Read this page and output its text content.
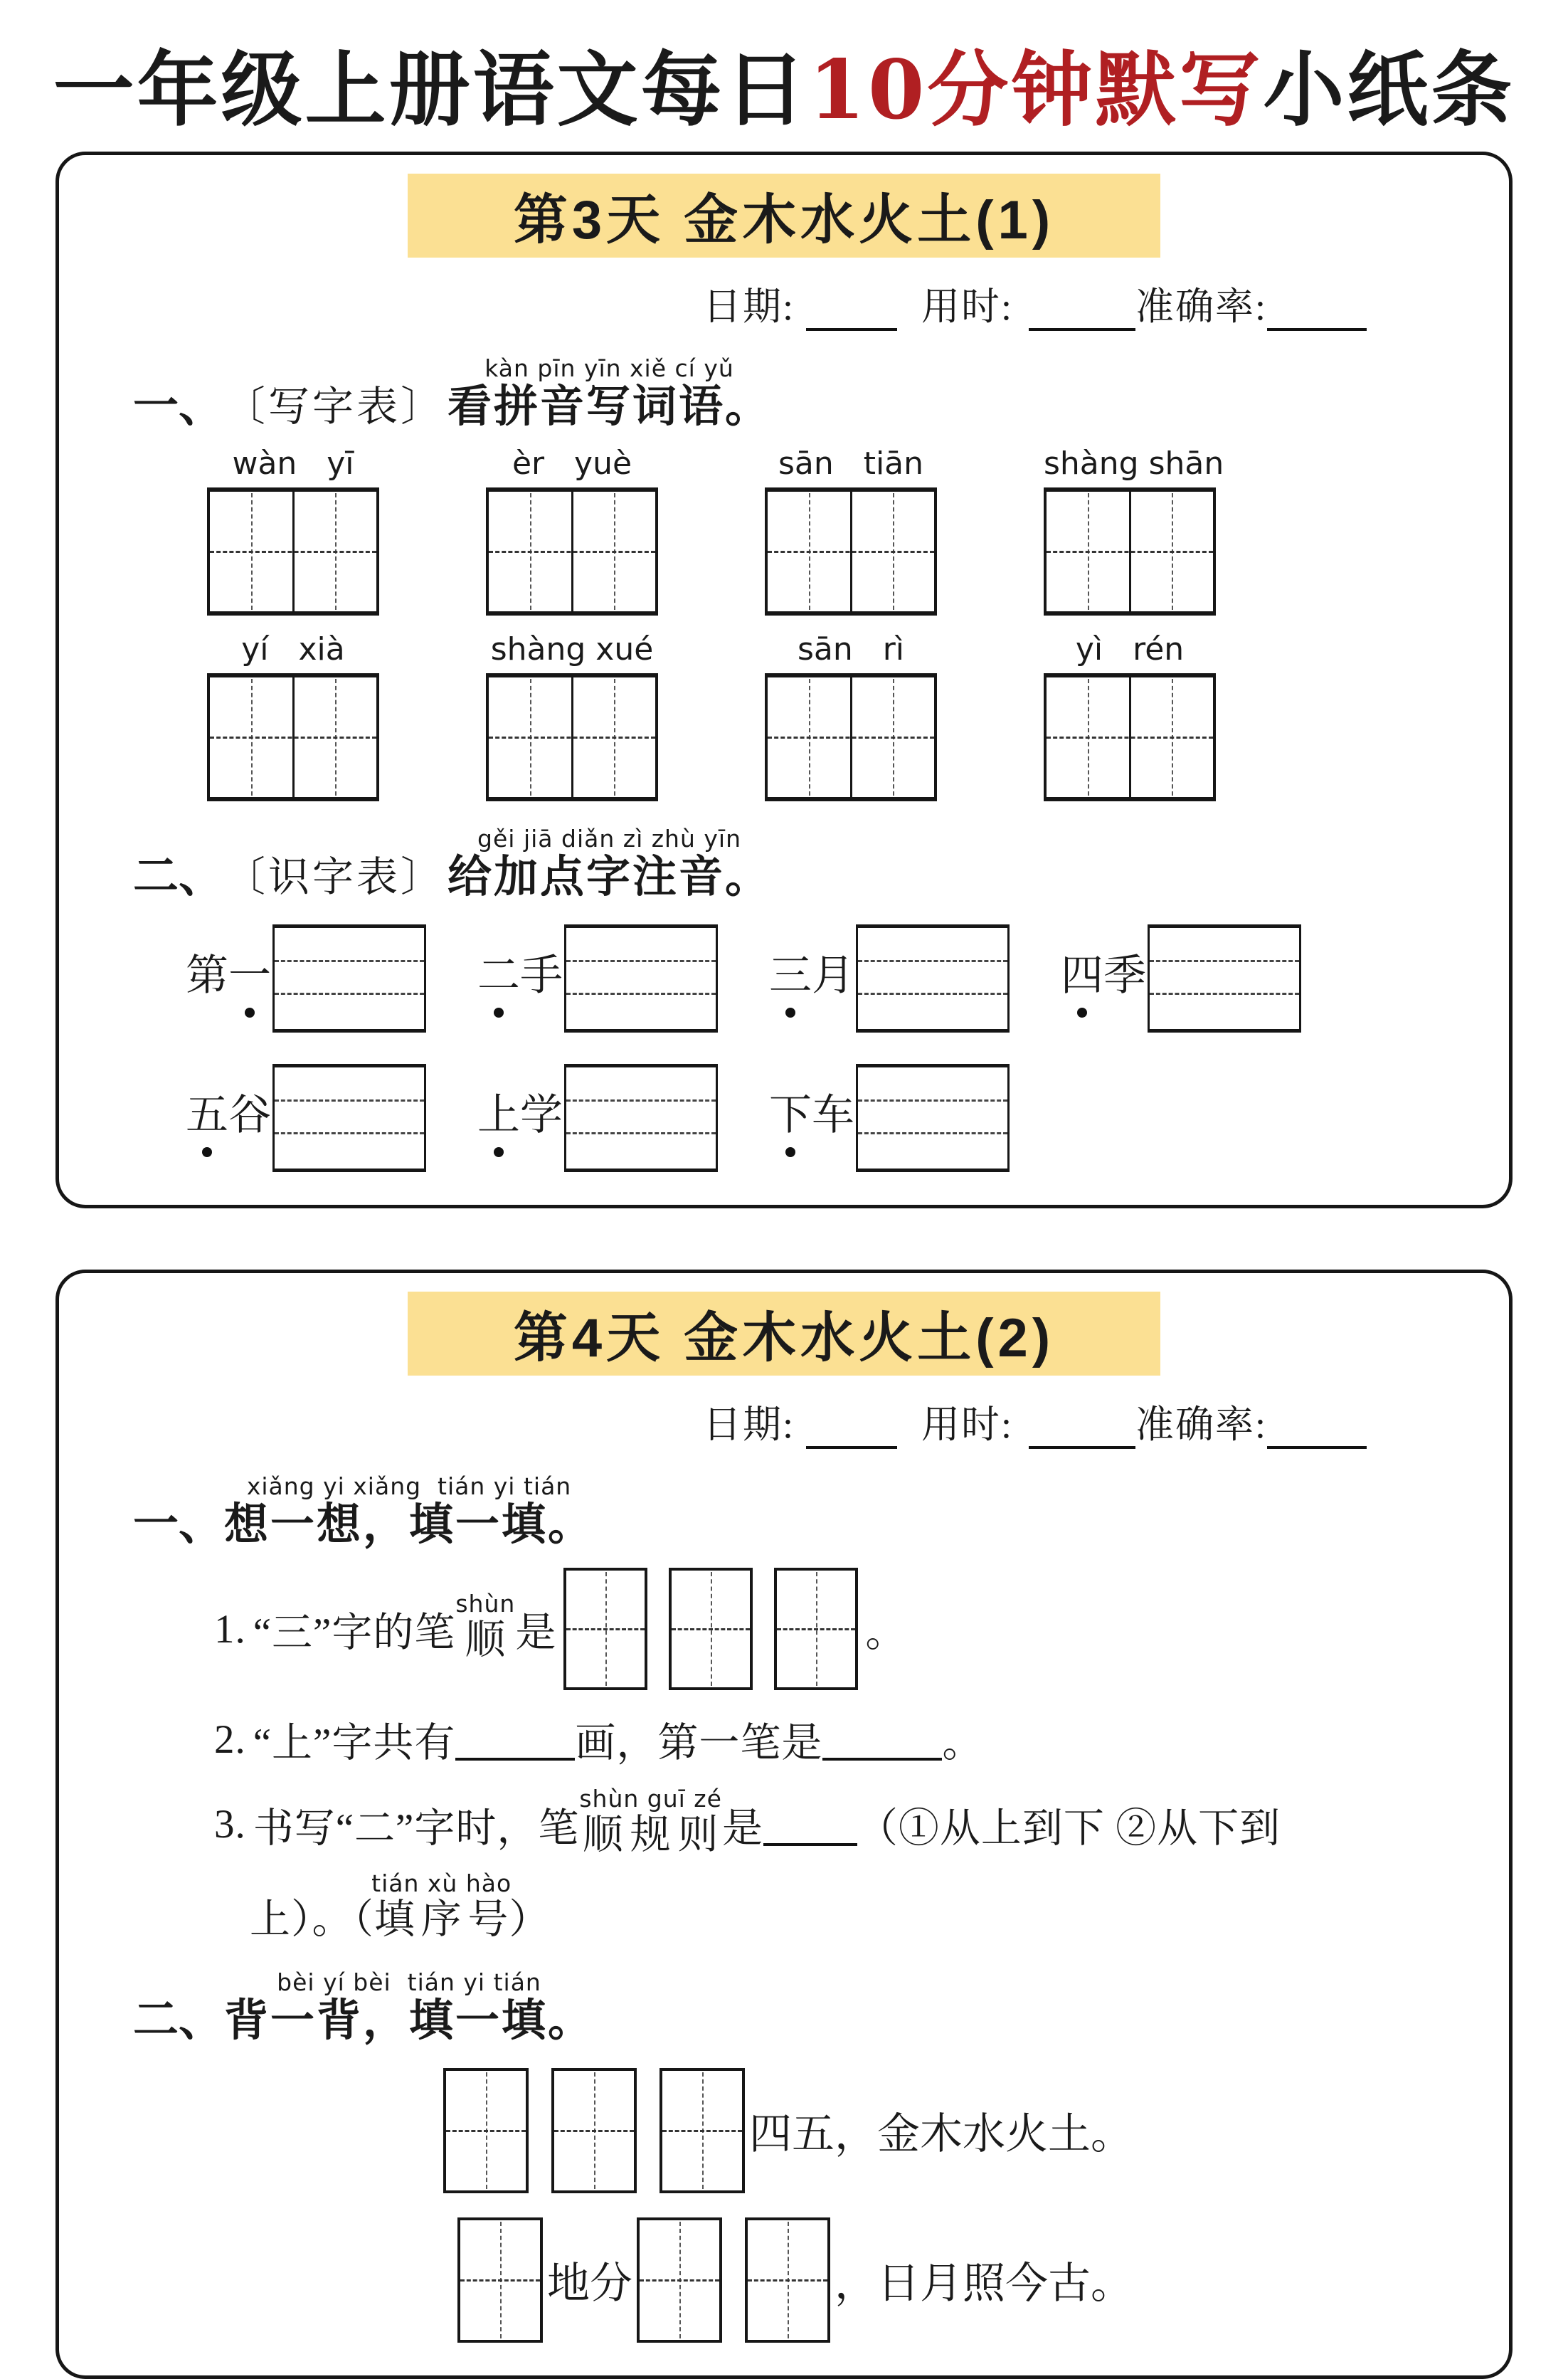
一年级上册语文每日10分钟默写小纸条
第3天 金木水火土(1)
日期:	用时:	准确率:
一、 〔写字表〕 看拼音写词语。 kàn pīn yīn xiě cí yǔ
wàn   yī	èr   yuè	sān   tiān	shàng shān
yí   xià	shàng xué	sān   rì	yì   rén
二、 〔识字表〕 给加点字注音。 gěi jiā diǎn zì zhù yīn
第一	二手	三月	四季
五谷	上学	下车
第4天 金木水火土(2)
日期:	用时:	准确率:
一、 想一想，填一填。 xiǎng yi xiǎng  tián yi tián
1. “三”字的笔 顺 shùn
是	。
2. “上”字共有	画，第一笔是	。
3. 书写“二”字时，笔 顺规则 shùn guī zé
是 （①从上到下 ②从下到
上）。（填序号tián xù hào）
二、 背一背，填一填。 bèi yí bèi  tián yi tián
四五，金木水火土。
地分	，日月照今古。
